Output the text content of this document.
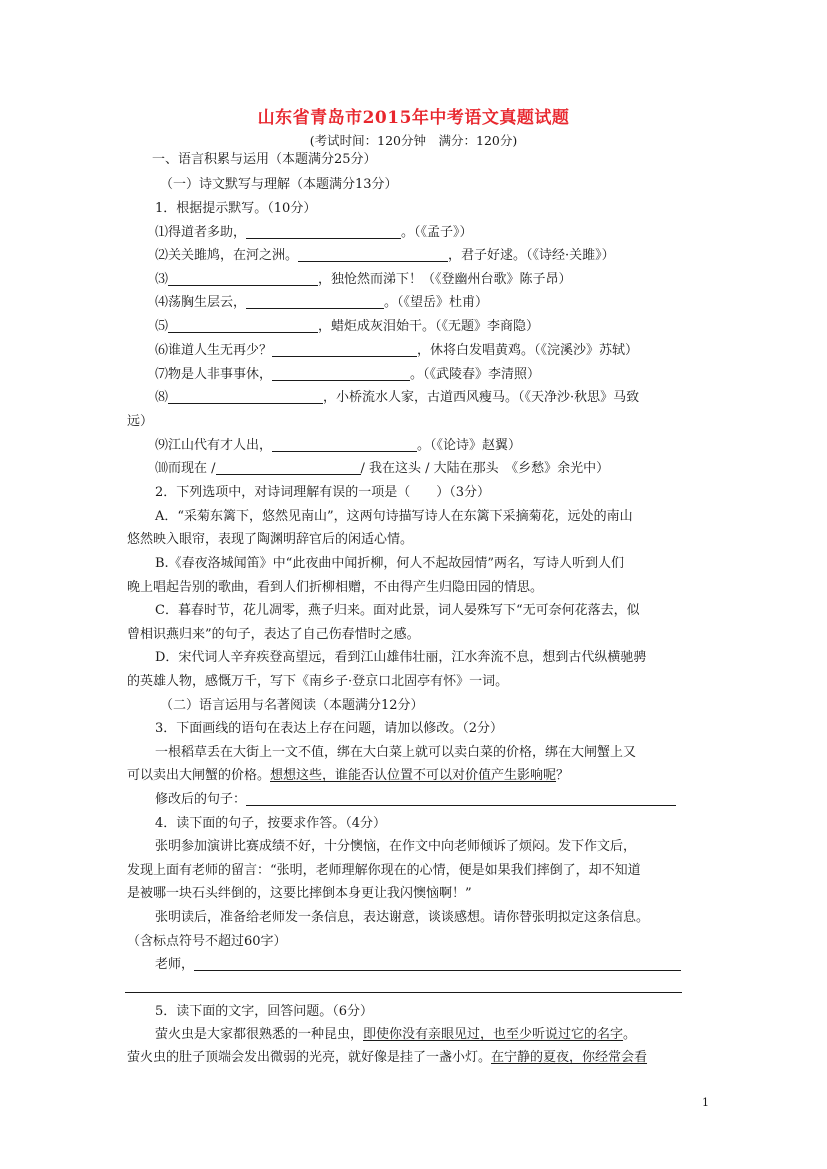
山东省青岛市2015年中考语文真题试题
(考试时间：120分钟　满分：120分)
一、语言积累与运用（本题满分25分）
（一）诗文默写与理解（本题满分13分）
1．根据提示默写。（10分）
⑴得道者多助，	。（《孟子》）
⑵关关雎鸠，在河之洲。	，君子好逑。（《诗经·关雎》）
⑶	，独怆然而涕下！（《登幽州台歌》陈子昂）
⑷荡胸生层云，	。（《望岳》杜甫）
⑸	，蜡炬成灰泪始干。（《无题》李商隐）
⑹谁道人生无再少？	，休将白发唱黄鸡。（《浣溪沙》苏轼）
⑺物是人非事事休，	。（《武陵春》李清照）
⑻	，小桥流水人家，古道西风瘦马。（《天净沙·秋思》马致
远）
⑼江山代有才人出，	。（《论诗》赵翼）
⑽而现在 /	/ 我在这头 / 大陆在那头　《乡愁》余光中）
2．下列选项中，对诗词理解有误的一项是（　　）（3分）
A．“采菊东篱下，悠然见南山”，这两句诗描写诗人在东篱下采摘菊花，远处的南山
悠然映入眼帘，表现了陶渊明辞官后的闲适心情。
B.《春夜洛城闻笛》中“此夜曲中闻折柳，何人不起故园情”两名，写诗人听到人们
晚上唱起告别的歌曲，看到人们折柳相赠，不由得产生归隐田园的情思。
C．暮春时节，花儿凋零，燕子归来。面对此景，词人晏殊写下“无可奈何花落去，似
曾相识燕归来”的句子，表达了自己伤春惜时之感。
D．宋代词人辛弃疾登高望远，看到江山雄伟壮丽，江水奔流不息，想到古代纵横驰骋
的英雄人物，感慨万千，写下《南乡子·登京口北固亭有怀》一词。
（二）语言运用与名著阅读（本题满分12分）
3．下面画线的语句在表达上存在问题，请加以修改。（2分）
一根稻草丢在大街上一文不值，绑在大白菜上就可以卖白菜的价格，绑在大闸蟹上又
可以卖出大闸蟹的价格。想想这些，谁能否认位置不可以对价值产生影响呢？
修改后的句子：
4．读下面的句子，按要求作答。（4分）
张明参加演讲比赛成绩不好，十分懊恼，在作文中向老师倾诉了烦闷。发下作文后，
发现上面有老师的留言：“张明，老师理解你现在的心情，便是如果我们摔倒了，却不知道
是被哪一块石头绊倒的，这要比摔倒本身更让我闪懊恼啊！”
张明读后，准备给老师发一条信息，表达谢意，谈谈感想。请你替张明拟定这条信息。
（含标点符号不超过60字）
老师，
5．读下面的文字，回答问题。（6分）
萤火虫是大家都很熟悉的一种昆虫，即使你没有亲眼见过，也至少听说过它的名字。
萤火虫的肚子顶端会发出微弱的光亮，就好像是挂了一盏小灯。在宁静的夏夜，你经常会看
1
